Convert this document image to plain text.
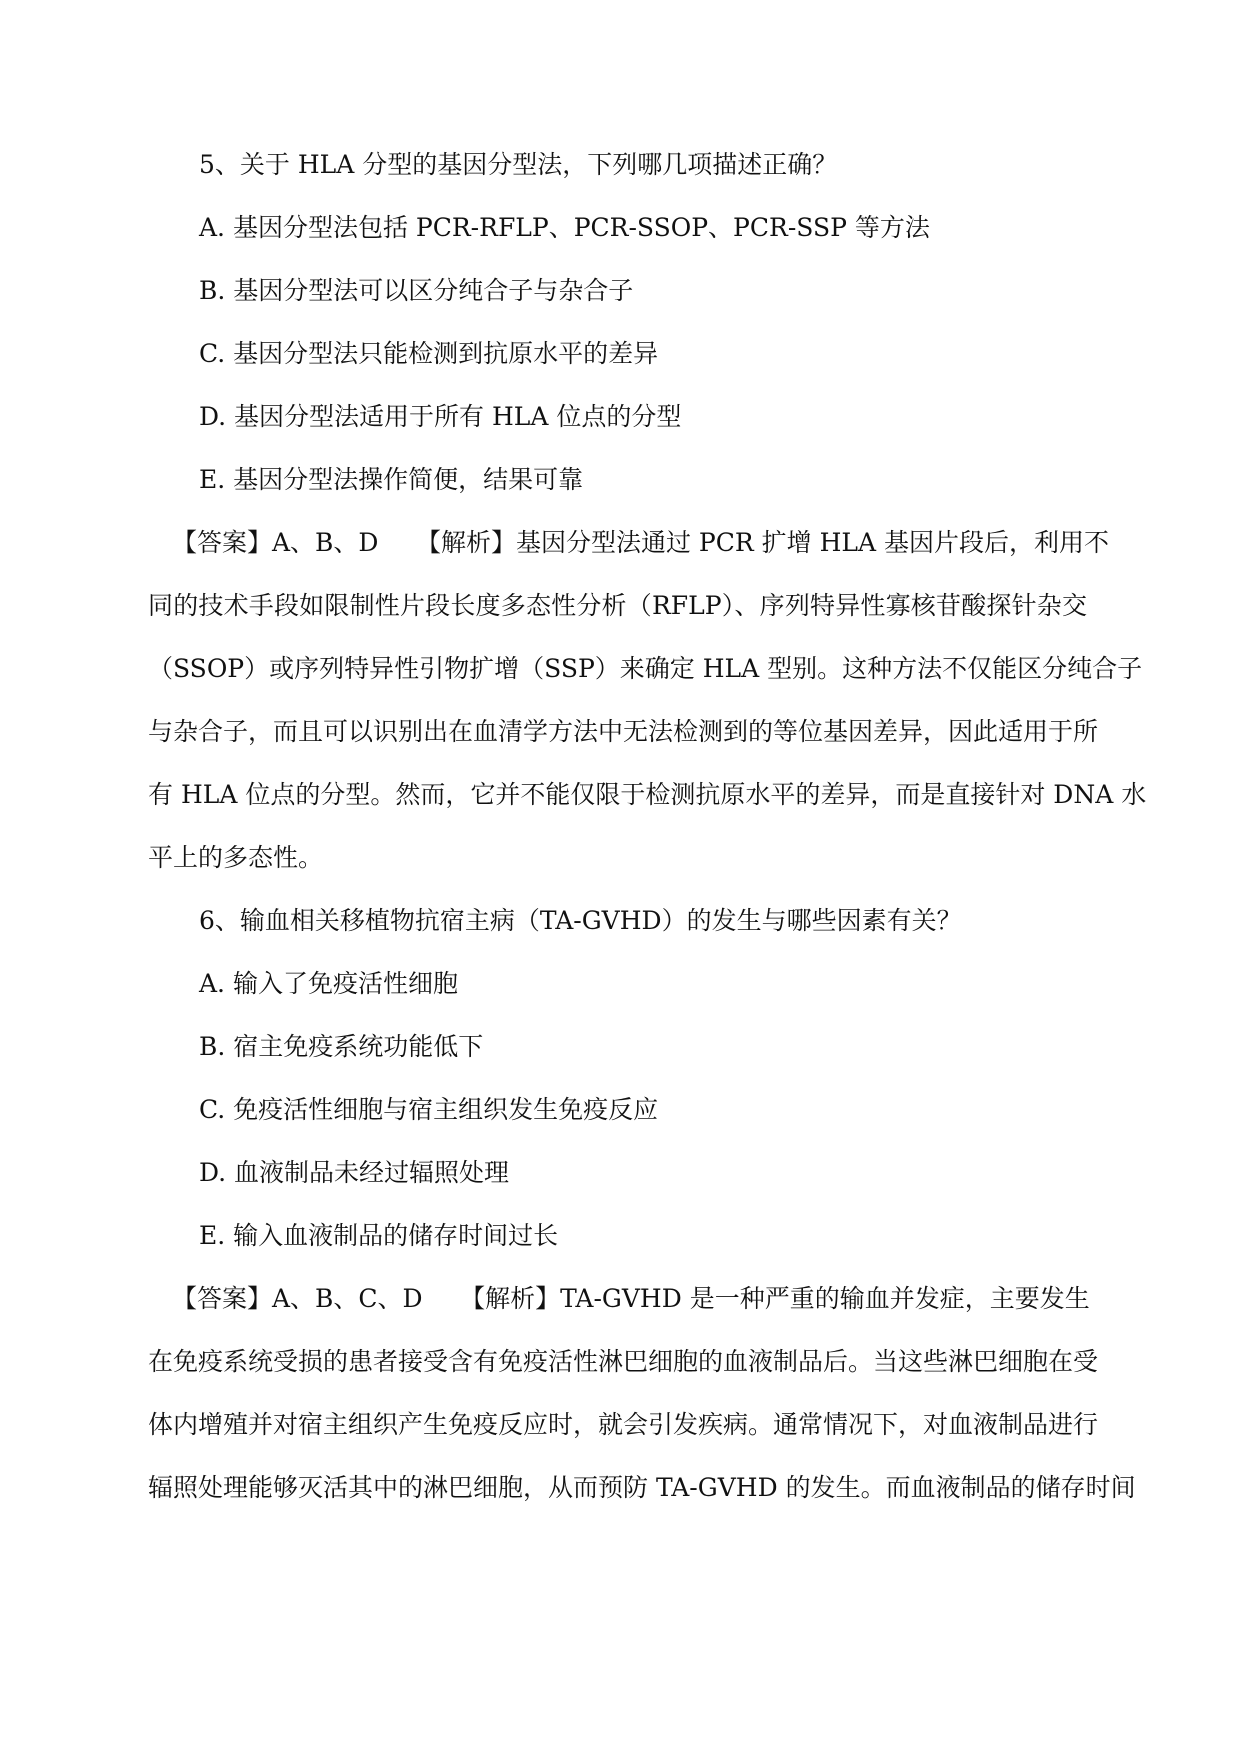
5、关于 HLA 分型的基因分型法，下列哪几项描述正确？
A. 基因分型法包括 PCR-RFLP、PCR-SSOP、PCR-SSP 等方法
B. 基因分型法可以区分纯合子与杂合子
C. 基因分型法只能检测到抗原水平的差异
D. 基因分型法适用于所有 HLA 位点的分型
E. 基因分型法操作简便，结果可靠
【答案】A、B、D　　【解析】基因分型法通过 PCR 扩增 HLA 基因片段后，利用不
同的技术手段如限制性片段长度多态性分析（RFLP）、序列特异性寡核苷酸探针杂交
（SSOP）或序列特异性引物扩增（SSP）来确定 HLA 型别。这种方法不仅能区分纯合子
与杂合子，而且可以识别出在血清学方法中无法检测到的等位基因差异，因此适用于所
有 HLA 位点的分型。然而，它并不能仅限于检测抗原水平的差异，而是直接针对 DNA 水
平上的多态性。
6、输血相关移植物抗宿主病（TA-GVHD）的发生与哪些因素有关？
A. 输入了免疫活性细胞
B. 宿主免疫系统功能低下
C. 免疫活性细胞与宿主组织发生免疫反应
D. 血液制品未经过辐照处理
E. 输入血液制品的储存时间过长
【答案】A、B、C、D　　【解析】TA-GVHD 是一种严重的输血并发症，主要发生
在免疫系统受损的患者接受含有免疫活性淋巴细胞的血液制品后。当这些淋巴细胞在受
体内增殖并对宿主组织产生免疫反应时，就会引发疾病。通常情况下，对血液制品进行
辐照处理能够灭活其中的淋巴细胞，从而预防 TA-GVHD 的发生。而血液制品的储存时间
